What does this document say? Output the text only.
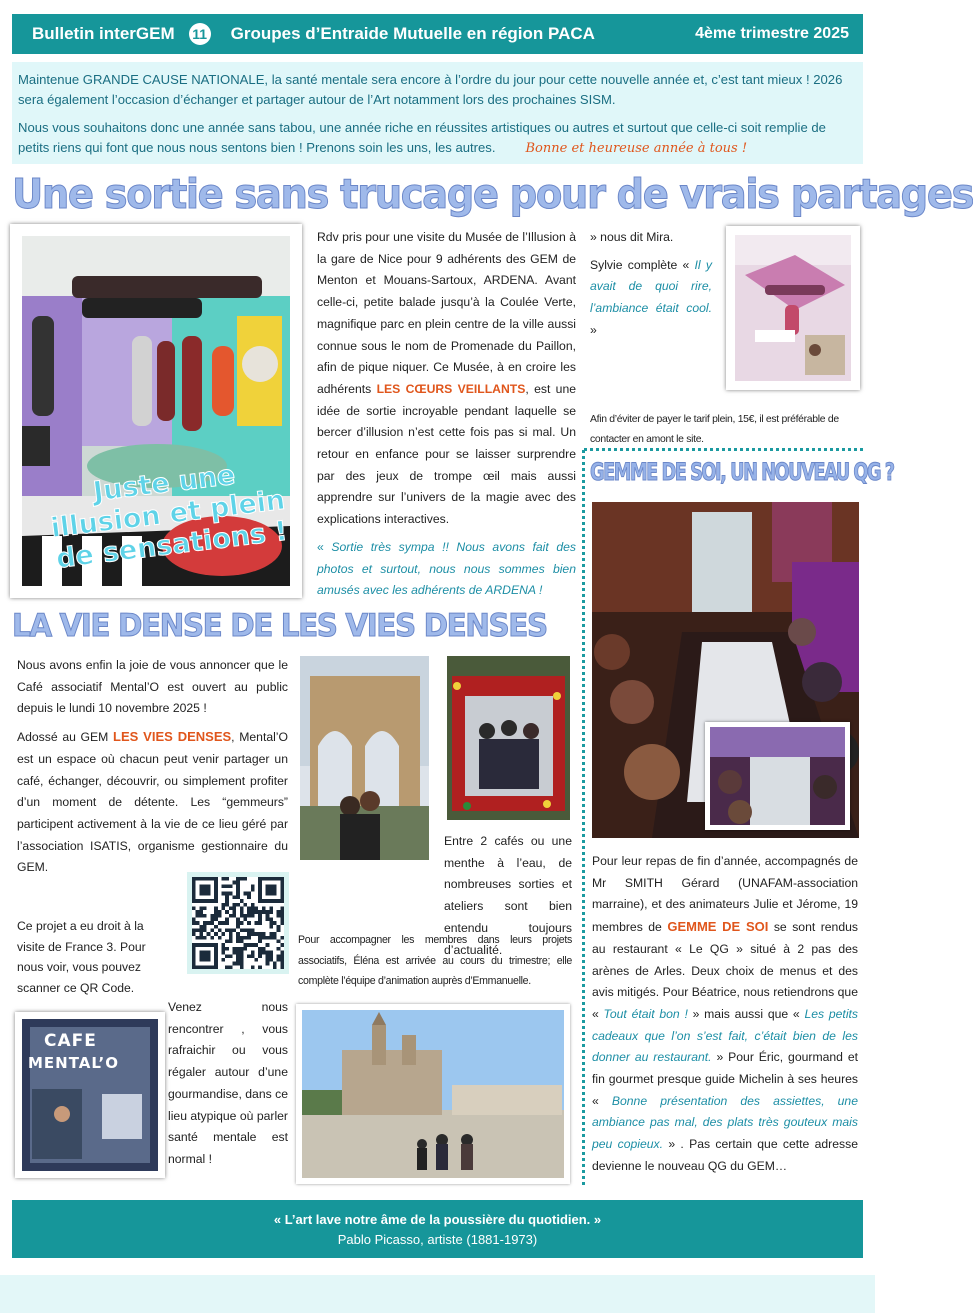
Bulletin interGEM 11 Groupes d’Entraide Mutuelle en région PACA	4ème trimestre 2025

Maintenue GRANDE CAUSE NATIONALE, la santé mentale sera encore à l’ordre du jour pour cette nouvelle année et, c’est tant mieux ! 2026 sera également l’occasion d’échanger et partager autour de l’Art notamment lors des prochaines SISM.

Nous vous souhaitons donc une année sans tabou, une année riche en réussites artistiques ou autres et surtout que celle-ci soit remplie de petits riens qui font que nous nous sentons bien ! Prenons soin les uns, les autres. Bonne et heureuse année à tous !

Une sortie sans trucage pour de vrais partages
Juste une illusion et plein de sensations !

Rdv pris pour une visite du Musée de l’Illusion à la gare de Nice pour 9 adhérents des GEM de Menton et Mouans-Sartoux, ARDENA. Avant celle-ci, petite balade jusqu’à la Coulée Verte, magnifique parc en plein centre de la ville aussi connue sous le nom de Promenade du Paillon, afin de pique niquer. Ce Musée, à en croire les adhérents LES CŒURS VEILLANTS, est une idée de sortie incroyable pendant laquelle se bercer d’illusion n’est cette fois pas si mal. Un retour en enfance pour se laisser surprendre par des jeux de trompe œil mais aussi apprendre sur l’univers de la magie avec des explications interactives.

« Sortie très sympa !! Nous avons fait des photos et surtout, nous nous sommes bien amusés avec les adhérents de ARDENA !

» nous dit Mira.

Sylvie complète « Il y avait de quoi rire, l’ambiance était cool. »

Afin d’éviter de payer le tarif plein, 15€, il est préférable de contacter en amont le site.
GEMME DE SOI, UN NOUVEAU QG ?

Pour leur repas de fin d’année, accompagnés de Mr SMITH Gérard (UNAFAM-association marraine), et des animateurs Julie et Jérome, 19 membres de GEMME DE SOI se sont rendus au restaurant « Le QG » situé à 2 pas des arènes de Arles. Deux choix de menus et des avis mitigés. Pour Béatrice, nous retiendrons que « Tout était bon ! » mais aussi que « Les petits cadeaux que l’on s’est fait, c’était bien de les donner au restaurant. » Pour Éric, gourmand et fin gourmet presque guide Michelin à ses heures « Bonne présentation des assiettes, une ambiance pas mal, des plats très gouteux mais peu copieux. » . Pas certain que cette adresse devienne le nouveau QG du GEM…

LA VIE DENSE DE LES VIES DENSES

Nous avons enfin la joie de vous annoncer que le Café associatif Mental’O est ouvert au public depuis le lundi 10 novembre 2025 !

Adossé au GEM LES VIES DENSES, Mental’O est un espace où chacun peut venir partager un café, échanger, découvrir, ou simplement profiter d’un moment de détente. Les “gemmeurs” participent activement à la vie de ce lieu géré par l’association ISATIS, organisme gestionnaire du GEM.

Ce projet a eu droit à la visite de France 3. Pour nous voir, vous pouvez scanner ce QR Code.

Entre 2 cafés ou une menthe à l’eau, de nombreuses sorties et ateliers sont bien entendu toujours d’actualité.

Pour accompagner les membres dans leurs projets associatifs, Éléna est arrivée au cours du trimestre; elle complète l’équipe d’animation auprès d’Emmanuelle.
CAFE
MENTAL’O
Venez nous rencontrer , vous rafraichir ou vous régaler autour d’une gourmandise, dans ce lieu atypique où parler santé mentale est normal !
« L’art lave notre âme de la poussière du quotidien. »
Pablo Picasso, artiste (1881-1973)
